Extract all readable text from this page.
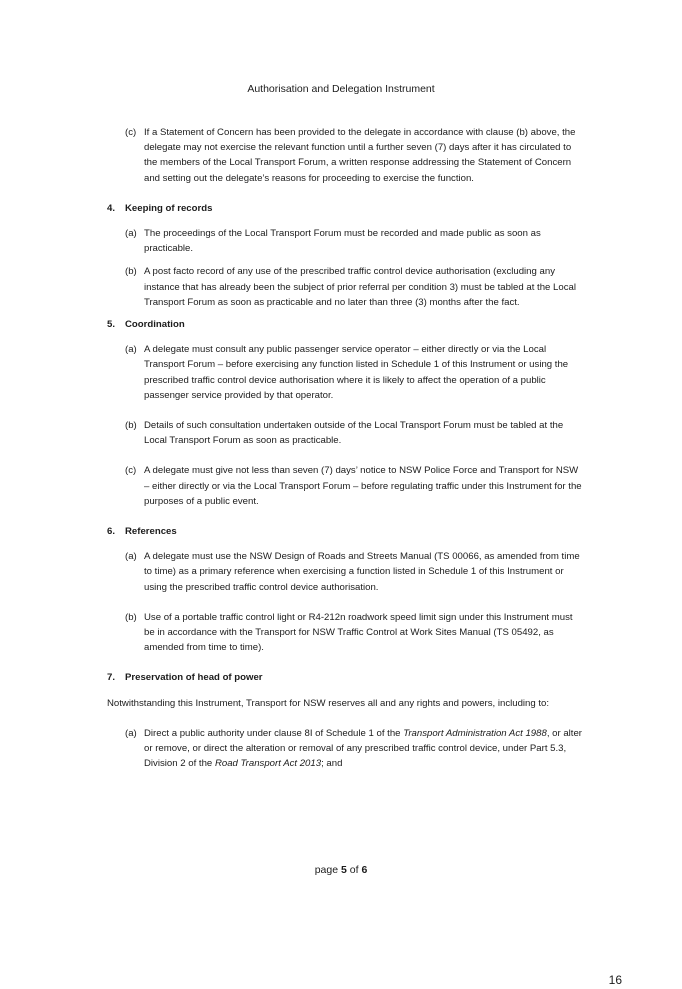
Authorisation and Delegation Instrument
(c) If a Statement of Concern has been provided to the delegate in accordance with clause (b) above, the delegate may not exercise the relevant function until a further seven (7) days after it has circulated to the members of the Local Transport Forum, a written response addressing the Statement of Concern and setting out the delegate’s reasons for proceeding to exercise the function.
4. Keeping of records
(a) The proceedings of the Local Transport Forum must be recorded and made public as soon as practicable.
(b) A post facto record of any use of the prescribed traffic control device authorisation (excluding any instance that has already been the subject of prior referral per condition 3) must be tabled at the Local Transport Forum as soon as practicable and no later than three (3) months after the fact.
5. Coordination
(a) A delegate must consult any public passenger service operator – either directly or via the Local Transport Forum – before exercising any function listed in Schedule 1 of this Instrument or using the prescribed traffic control device authorisation where it is likely to affect the operation of a public passenger service provided by that operator.
(b) Details of such consultation undertaken outside of the Local Transport Forum must be tabled at the Local Transport Forum as soon as practicable.
(c) A delegate must give not less than seven (7) days’ notice to NSW Police Force and Transport for NSW – either directly or via the Local Transport Forum – before regulating traffic under this Instrument for the purposes of a public event.
6. References
(a) A delegate must use the NSW Design of Roads and Streets Manual (TS 00066, as amended from time to time) as a primary reference when exercising a function listed in Schedule 1 of this Instrument or using the prescribed traffic control device authorisation.
(b) Use of a portable traffic control light or R4-212n roadwork speed limit sign under this Instrument must be in accordance with the Transport for NSW Traffic Control at Work Sites Manual (TS 05492, as amended from time to time).
7. Preservation of head of power

Notwithstanding this Instrument, Transport for NSW reserves all and any rights and powers, including to:

(a) Direct a public authority under clause 8I of Schedule 1 of the Transport Administration Act 1988, or alter or remove, or direct the alteration or removal of any prescribed traffic control device, under Part 5.3, Division 2 of the Road Transport Act 2013; and
page 5 of 6
16
